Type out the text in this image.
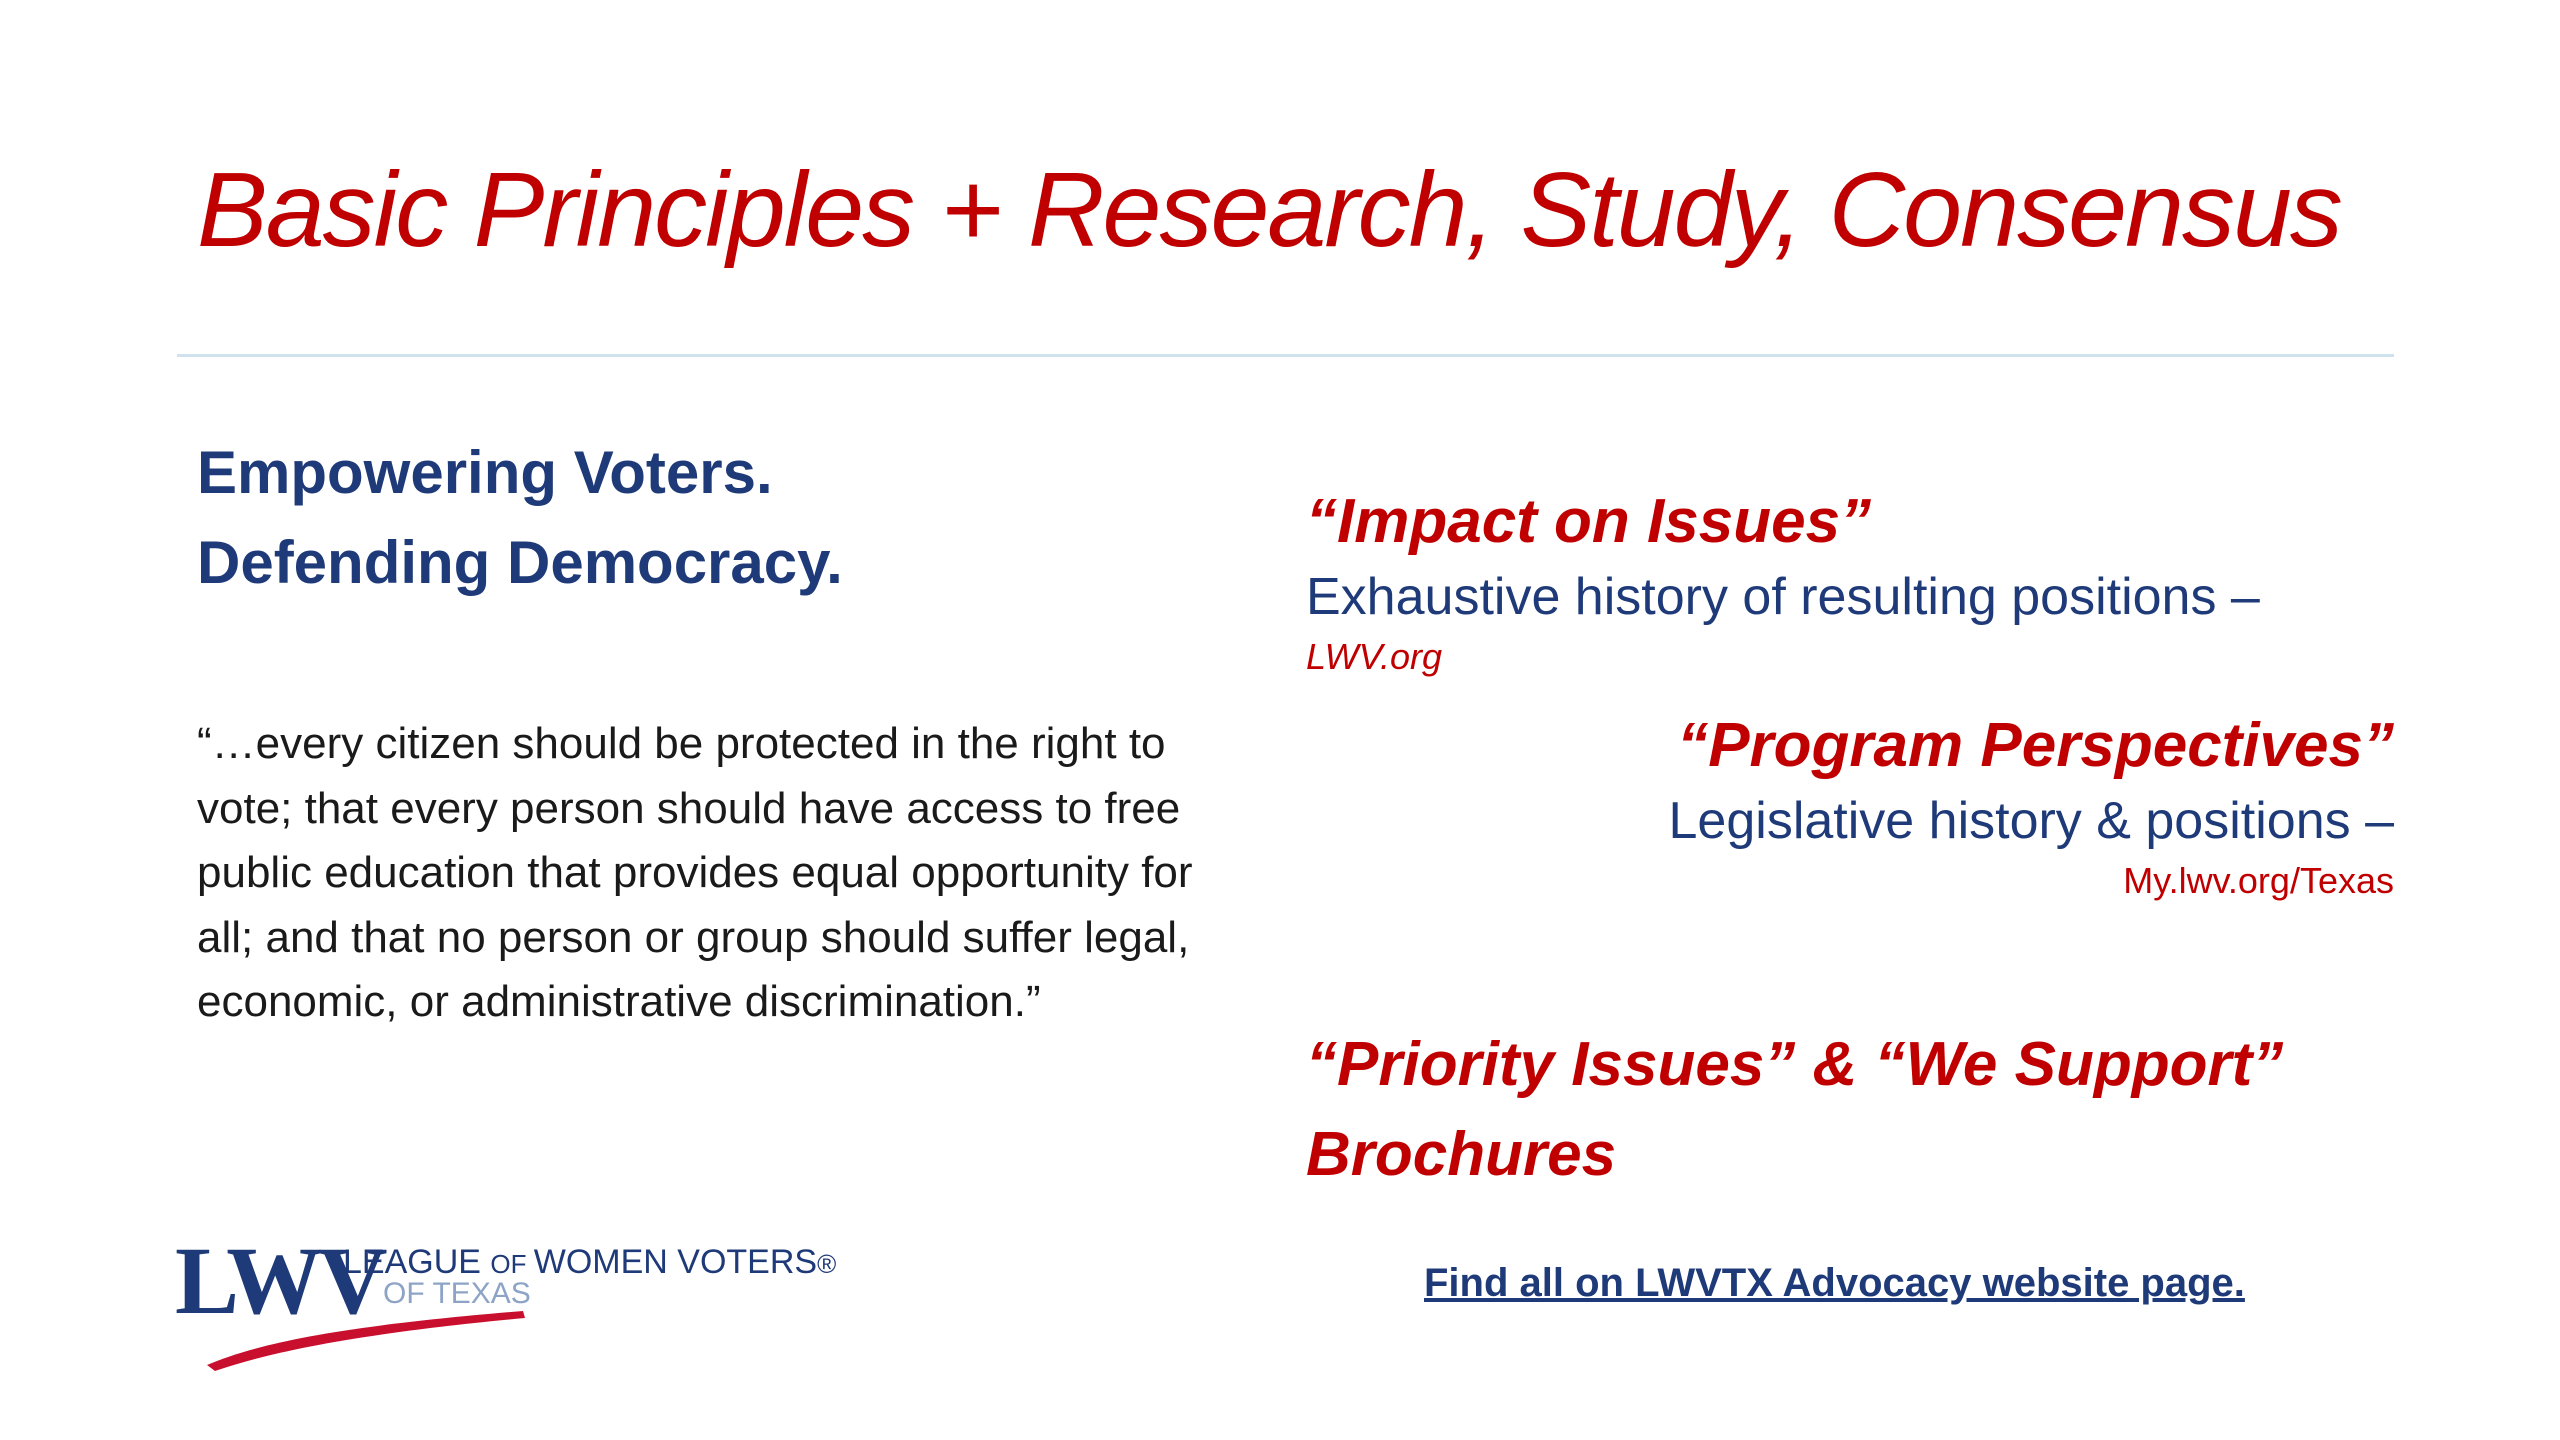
Basic Principles + Research, Study, Consensus
Empowering Voters.
Defending Democracy.
“…every citizen should be protected in the right to vote; that every person should have access to free public education that provides equal opportunity for all; and that no person or group should suffer legal, economic, or administrative discrimination.”
“Impact on Issues”
Exhaustive history of resulting positions –
LWV.org
“Program Perspectives”
Legislative history & positions –
My.lwv.org/Texas
“Priority Issues” & “We Support”
Brochures
Find all on LWVTX Advocacy website page.
LWV
LEAGUE OF WOMEN VOTERS®
OF TEXAS
